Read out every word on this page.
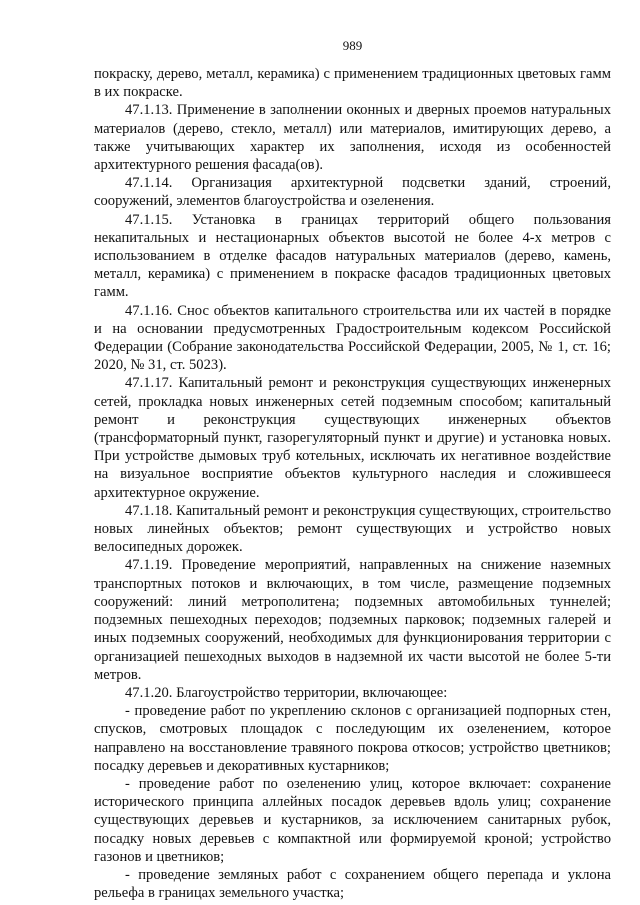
989

покраску, дерево, металл, керамика) с применением традиционных цветовых гамм в их покраске.

47.1.13. Применение в заполнении оконных и дверных проемов натуральных материалов (дерево, стекло, металл) или материалов, имитирующих дерево, а также учитывающих характер их заполнения, исходя из особенностей архитектурного решения фасада(ов).

47.1.14. Организация архитектурной подсветки зданий, строений, сооружений, элементов благоустройства и озеленения.

47.1.15. Установка в границах территорий общего пользования некапитальных и нестационарных объектов высотой не более 4-х метров с использованием в отделке фасадов натуральных материалов (дерево, камень, металл, керамика) с применением в покраске фасадов традиционных цветовых гамм.

47.1.16. Снос объектов капитального строительства или их частей в порядке и на основании предусмотренных Градостроительным кодексом Российской Федерации (Собрание законодательства Российской Федерации, 2005, № 1, ст. 16; 2020, № 31, ст. 5023).

47.1.17. Капитальный ремонт и реконструкция существующих инженерных сетей, прокладка новых инженерных сетей подземным способом; капитальный ремонт и реконструкция существующих инженерных объектов (трансформаторный пункт, газорегуляторный пункт и другие) и установка новых. При устройстве дымовых труб котельных, исключать их негативное воздействие на визуальное восприятие объектов культурного наследия и сложившееся архитектурное окружение.

47.1.18. Капитальный ремонт и реконструкция существующих, строительство новых линейных объектов; ремонт существующих и устройство новых велосипедных дорожек.

47.1.19. Проведение мероприятий, направленных на снижение наземных транспортных потоков и включающих, в том числе, размещение подземных сооружений: линий метрополитена; подземных автомобильных туннелей; подземных пешеходных переходов; подземных парковок; подземных галерей и иных подземных сооружений, необходимых для функционирования территории с организацией пешеходных выходов в надземной их части высотой не более 5-ти метров.

47.1.20. Благоустройство территории, включающее:

- проведение работ по укреплению склонов с организацией подпорных стен, спусков, смотровых площадок с последующим их озеленением, которое направлено на восстановление травяного покрова откосов; устройство цветников; посадку деревьев и декоративных кустарников;

- проведение работ по озеленению улиц, которое включает: сохранение исторического принципа аллейных посадок деревьев вдоль улиц; сохранение существующих деревьев и кустарников, за исключением санитарных рубок, посадку новых деревьев с компактной или формируемой кроной; устройство газонов и цветников;

- проведение земляных работ с сохранением общего перепада и уклона рельефа в границах земельного участка;
